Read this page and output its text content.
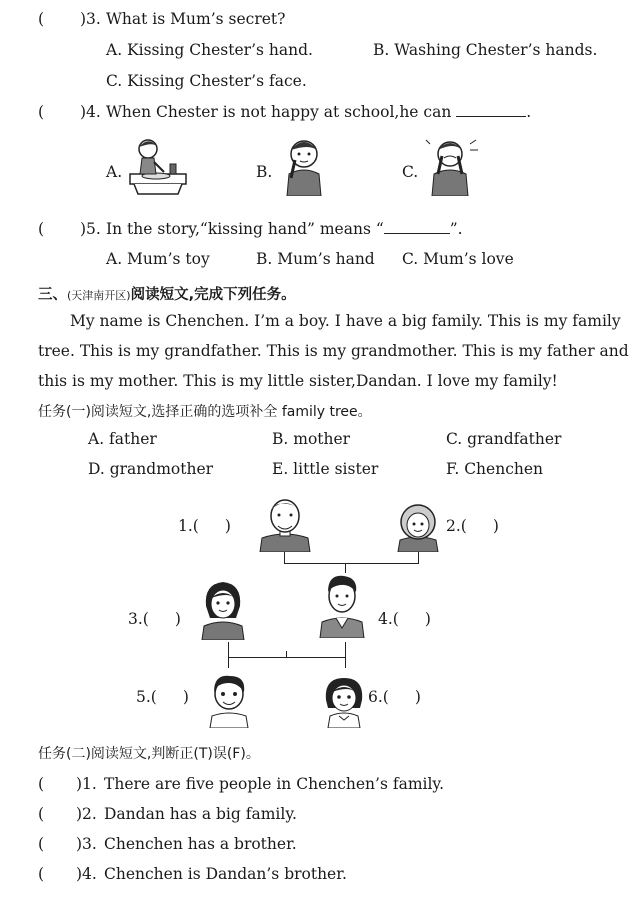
( )3. What is Mum’s secret?
A. Kissing Chester’s hand.	B. Washing Chester’s hands.
C. Kissing Chester’s face.
( )4. When Chester is not happy at school,he can	.
A.	B.	C.
( )5. In the story,“kissing hand” means “	”.
A. Mum’s toy	B. Mum’s hand C. Mum’s love
三、(天津南开区)阅读短文,完成下列任务。
My name is Chenchen. I’m a boy. I have a big family. This is my family
tree. This is my grandfather. This is my grandmother. This is my father and
this is my mother. This is my little sister,Dandan. I love my family!
任务(一)阅读短文,选择正确的选项补全 family tree。
A. father	B. mother	C. grandfather
D. grandmother	E. little sister	F. Chenchen
1.( )	2.( )
3.( )	4.( )
5.( )	6.( )
任务(二)阅读短文,判断正(T)误(F)。
( )1. There are five people in Chenchen’s family.
( )2. Dandan has a big family.
( )3. Chenchen has a brother.
( )4. Chenchen is Dandan’s brother.
